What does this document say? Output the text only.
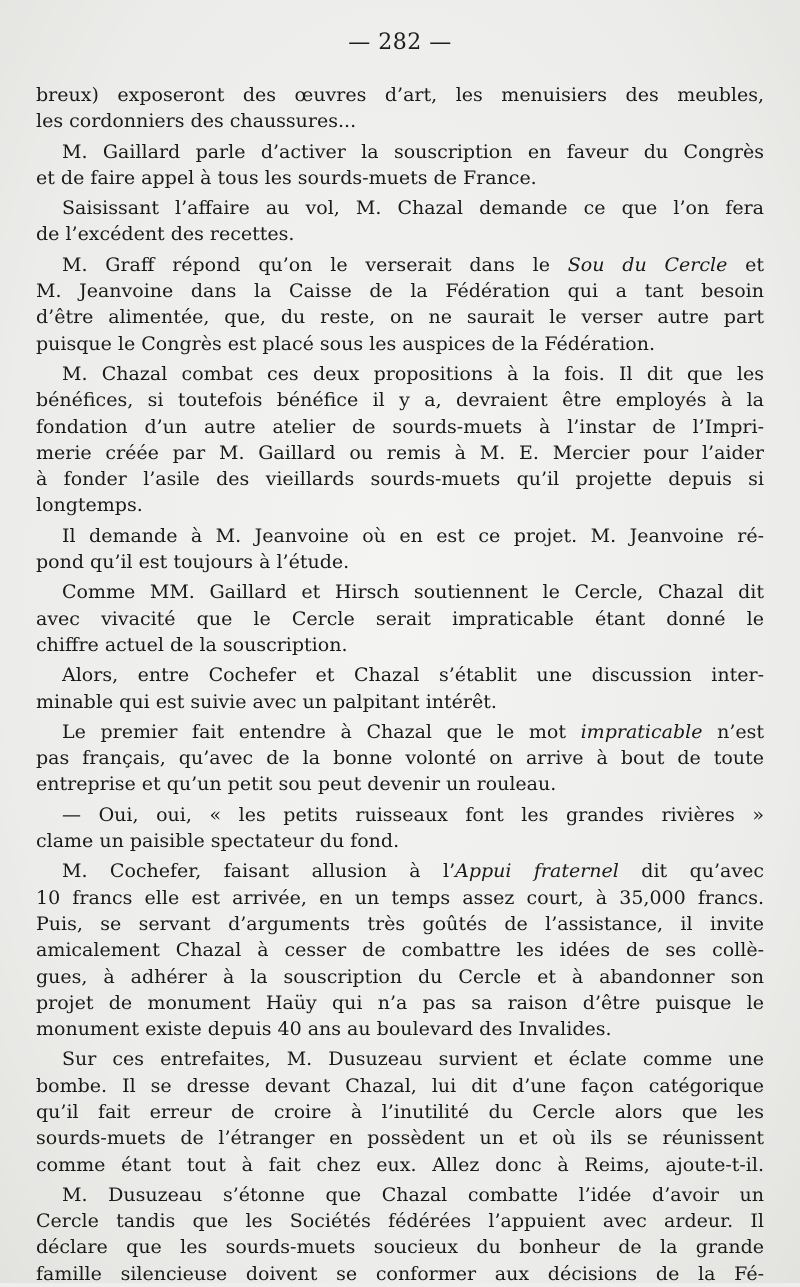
— 282 —
breux) exposeront des œuvres d’art, les menuisiers des meubles,
les cordonniers des chaussures...
M. Gaillard parle d’activer la souscription en faveur du Congrès
et de faire appel à tous les sourds-muets de France.
Saisissant l’affaire au vol, M. Chazal demande ce que l’on fera
de l’excédent des recettes.
M. Graff répond qu’on le verserait dans le Sou du Cercle et
M. Jeanvoine dans la Caisse de la Fédération qui a tant besoin
d’être alimentée, que, du reste, on ne saurait le verser autre part
puisque le Congrès est placé sous les auspices de la Fédération.
M. Chazal combat ces deux propositions à la fois. Il dit que les
bénéfices, si toutefois bénéfice il y a, devraient être employés à la
fondation d’un autre atelier de sourds-muets à l’instar de l’Impri-
merie créée par M. Gaillard ou remis à M. E. Mercier pour l’aider
à fonder l’asile des vieillards sourds-muets qu’il projette depuis si
longtemps.
Il demande à M. Jeanvoine où en est ce projet. M. Jeanvoine ré-
pond qu’il est toujours à l’étude.
Comme MM. Gaillard et Hirsch soutiennent le Cercle, Chazal dit
avec vivacité que le Cercle serait impraticable étant donné le
chiffre actuel de la souscription.
Alors, entre Cochefer et Chazal s’établit une discussion inter-
minable qui est suivie avec un palpitant intérêt.
Le premier fait entendre à Chazal que le mot impraticable n’est
pas français, qu’avec de la bonne volonté on arrive à bout de toute
entreprise et qu’un petit sou peut devenir un rouleau.
— Oui, oui, « les petits ruisseaux font les grandes rivières »
clame un paisible spectateur du fond.
M. Cochefer, faisant allusion à l’Appui fraternel dit qu’avec
10 francs elle est arrivée, en un temps assez court, à 35,000 francs.
Puis, se servant d’arguments très goûtés de l’assistance, il invite
amicalement Chazal à cesser de combattre les idées de ses collè-
gues, à adhérer à la souscription du Cercle et à abandonner son
projet de monument Haüy qui n’a pas sa raison d’être puisque le
monument existe depuis 40 ans au boulevard des Invalides.
Sur ces entrefaites, M. Dusuzeau survient et éclate comme une
bombe. Il se dresse devant Chazal, lui dit d’une façon catégorique
qu’il fait erreur de croire à l’inutilité du Cercle alors que les
sourds-muets de l’étranger en possèdent un et où ils se réunissent
comme étant tout à fait chez eux. Allez donc à Reims, ajoute-t-il.
M. Dusuzeau s’étonne que Chazal combatte l’idée d’avoir un
Cercle tandis que les Sociétés fédérées l’appuient avec ardeur. Il
déclare que les sourds-muets soucieux du bonheur de la grande
famille silencieuse doivent se conformer aux décisions de la Fé-
